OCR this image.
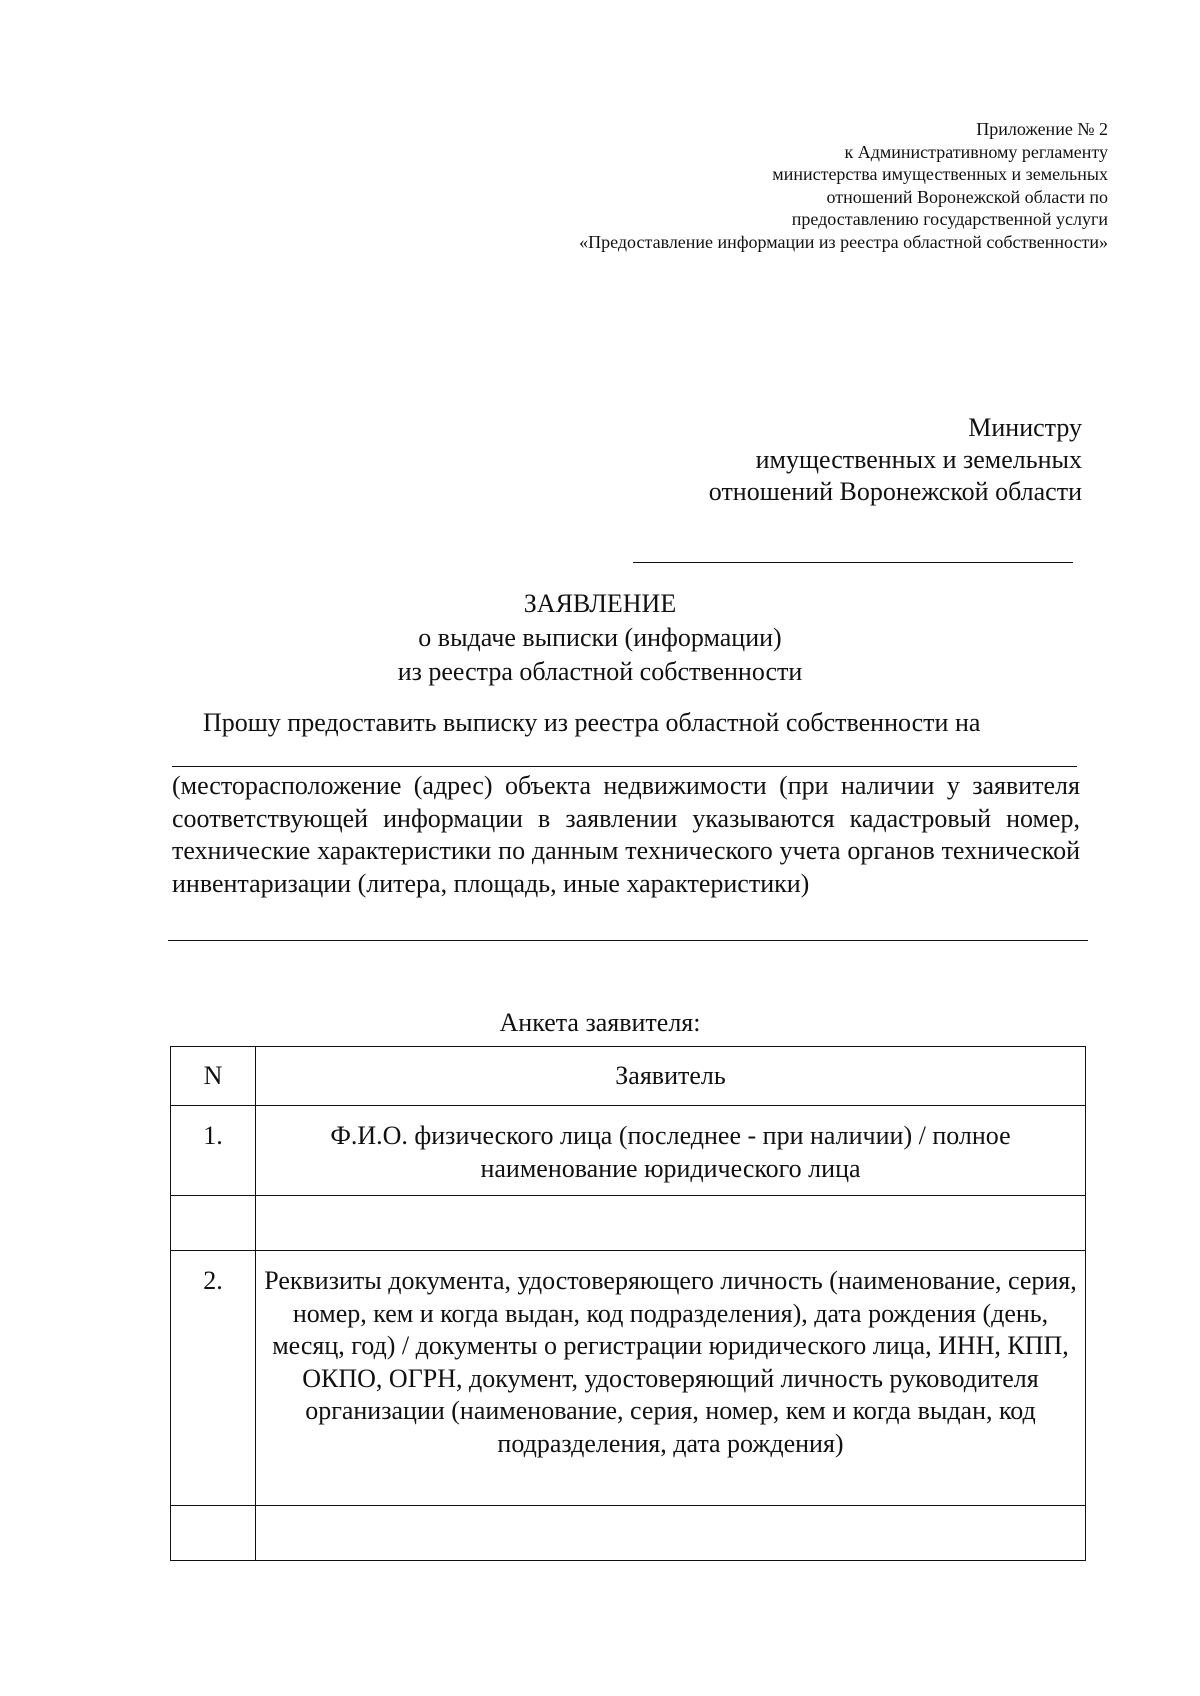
Приложение № 2
к Административному регламенту
министерства имущественных и земельных
отношений Воронежской области по
предоставлению государственной услуги
«Предоставление информации из реестра областной собственности»
Министру
имущественных и земельных
отношений Воронежской области
ЗАЯВЛЕНИЕ
о выдаче выписки (информации)
из реестра областной собственности
Прошу предоставить выписку из реестра областной собственности на

(месторасположение (адрес) объекта недвижимости (при наличии у заявителя соответствующей информации в заявлении указываются кадастровый номер, технические характеристики по данным технического учета органов технической инвентаризации (литера, площадь, иные характеристики)

Анкета заявителя:
N	Заявитель
1.	Ф.И.О. физического лица (последнее - при наличии) / полное наименование юридического лица

2.	Реквизиты документа, удостоверяющего личность (наименование, серия, номер, кем и когда выдан, код подразделения), дата рождения (день, месяц, год) / документы о регистрации юридического лица, ИНН, КПП, ОКПО, ОГРН, документ, удостоверяющий личность руководителя организации (наименование, серия, номер, кем и когда выдан, код подразделения, дата рождения)
